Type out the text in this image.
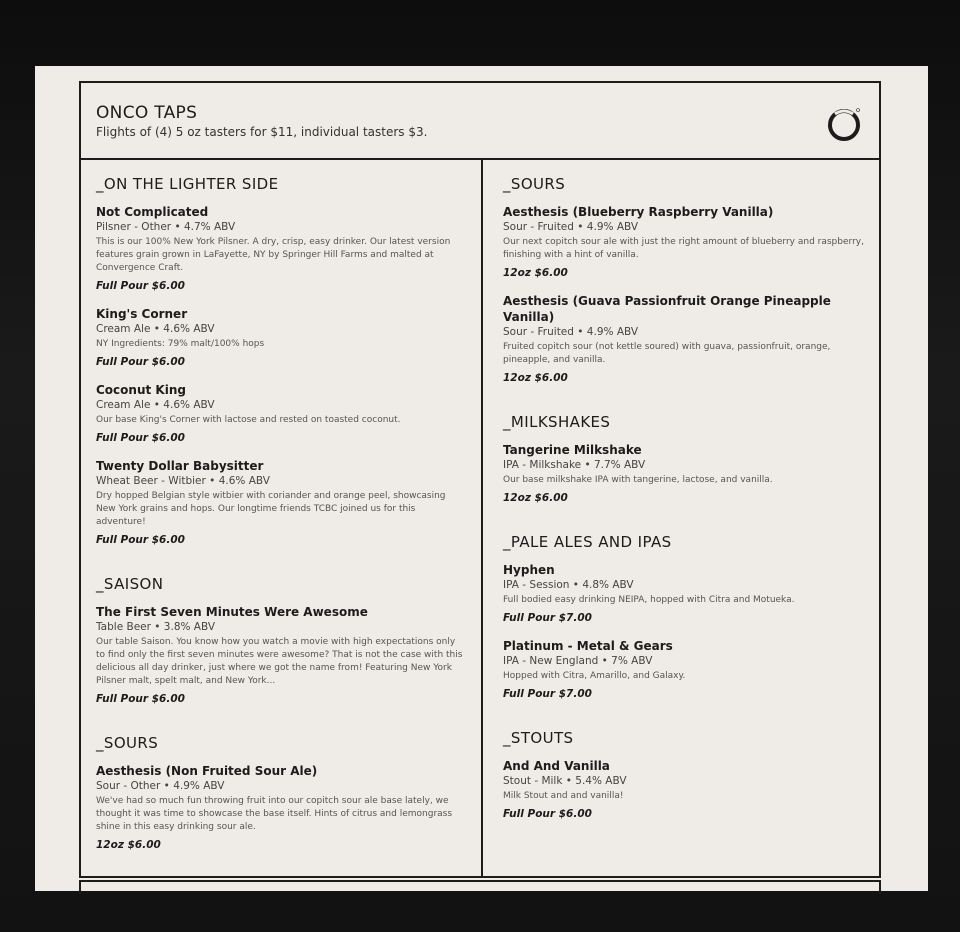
ONCO TAPS
Flights of (4) 5 oz tasters for $11, individual tasters $3.
_ON THE LIGHTER SIDE
Not Complicated
Pilsner - Other • 4.7% ABV
This is our 100% New York Pilsner. A dry, crisp, easy drinker. Our latest version features grain grown in LaFayette, NY by Springer Hill Farms and malted at Convergence Craft.
Full Pour $6.00
King's Corner
Cream Ale • 4.6% ABV
NY Ingredients: 79% malt/100% hops
Full Pour $6.00
Coconut King
Cream Ale • 4.6% ABV
Our base King's Corner with lactose and rested on toasted coconut.
Full Pour $6.00
Twenty Dollar Babysitter
Wheat Beer - Witbier • 4.6% ABV
Dry hopped Belgian style witbier with coriander and orange peel, showcasing New York grains and hops. Our longtime friends TCBC joined us for this adventure!
Full Pour $6.00
_SAISON
The First Seven Minutes Were Awesome
Table Beer • 3.8% ABV
Our table Saison. You know how you watch a movie with high expectations only to find only the first seven minutes were awesome? That is not the case with this delicious all day drinker, just where we got the name from! Featuring New York Pilsner malt, spelt malt, and New York...
Full Pour $6.00
_SOURS
Aesthesis (Non Fruited Sour Ale)
Sour - Other • 4.9% ABV
We've had so much fun throwing fruit into our copitch sour ale base lately, we thought it was time to showcase the base itself. Hints of citrus and lemongrass shine in this easy drinking sour ale.
12oz $6.00
_SOURS
Aesthesis (Blueberry Raspberry Vanilla)
Sour - Fruited • 4.9% ABV
Our next copitch sour ale with just the right amount of blueberry and raspberry, finishing with a hint of vanilla.
12oz $6.00
Aesthesis (Guava Passionfruit Orange Pineapple Vanilla)
Sour - Fruited • 4.9% ABV
Fruited copitch sour (not kettle soured) with guava, passionfruit, orange, pineapple, and vanilla.
12oz $6.00
_MILKSHAKES
Tangerine Milkshake
IPA - Milkshake • 7.7% ABV
Our base milkshake IPA with tangerine, lactose, and vanilla.
12oz $6.00
_PALE ALES AND IPAS
Hyphen
IPA - Session • 4.8% ABV
Full bodied easy drinking NEIPA, hopped with Citra and Motueka.
Full Pour $7.00
Platinum - Metal & Gears
IPA - New England • 7% ABV
Hopped with Citra, Amarillo, and Galaxy.
Full Pour $7.00
_STOUTS
And And Vanilla
Stout - Milk • 5.4% ABV
Milk Stout and and vanilla!
Full Pour $6.00
